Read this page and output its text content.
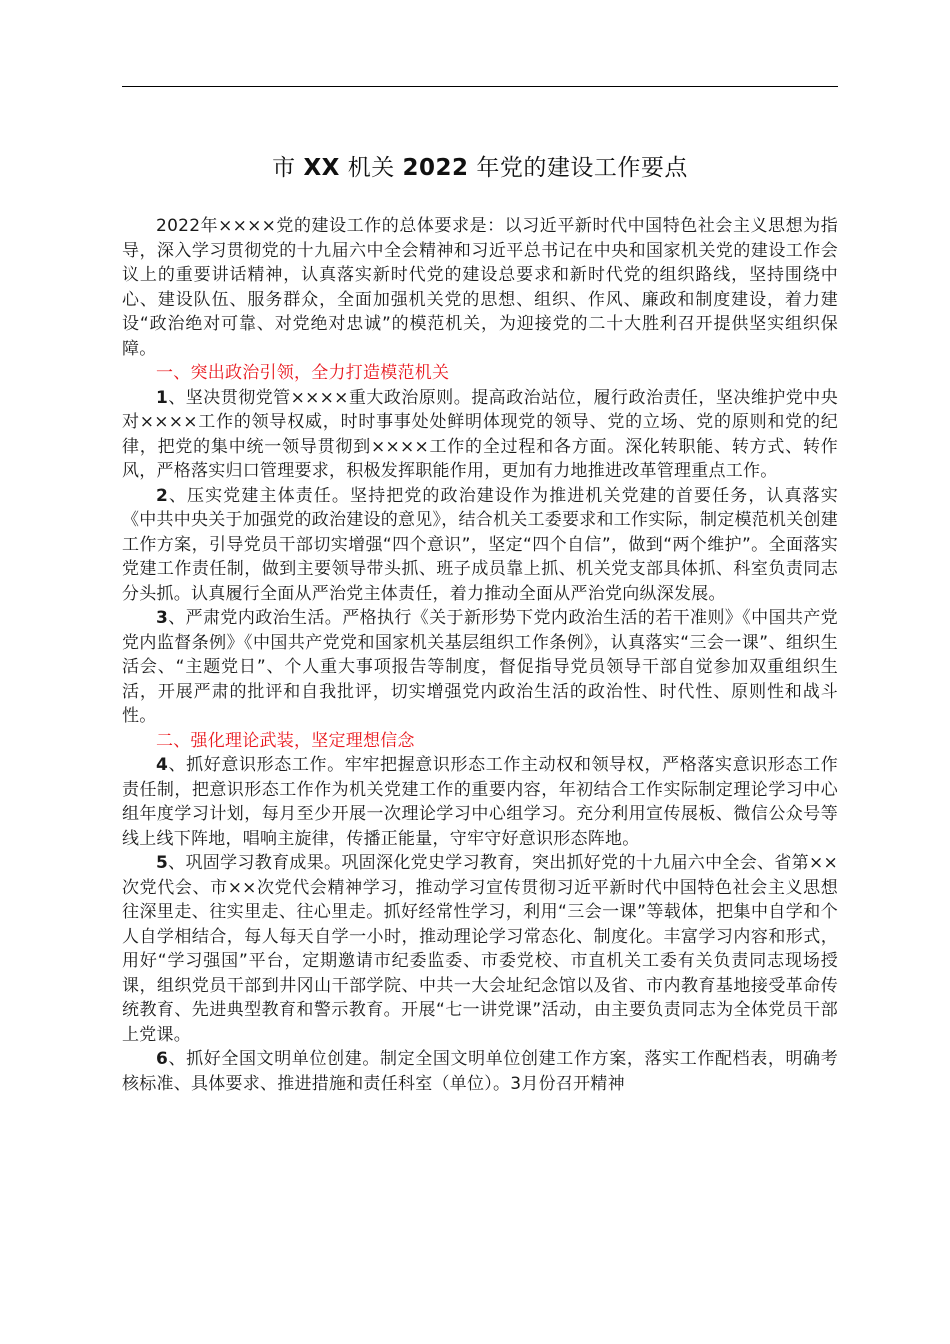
市 XX 机关 2022 年党的建设工作要点

2022年××××党的建设工作的总体要求是：以习近平新时代中国特色社会主义思想为指导，深入学习贯彻党的十九届六中全会精神和习近平总书记在中央和国家机关党的建设工作会议上的重要讲话精神，认真落实新时代党的建设总要求和新时代党的组织路线，坚持围绕中心、建设队伍、服务群众，全面加强机关党的思想、组织、作风、廉政和制度建设，着力建设“政治绝对可靠、对党绝对忠诚”的模范机关，为迎接党的二十大胜利召开提供坚实组织保障。

一、突出政治引领，全力打造模范机关

1、坚决贯彻党管××××重大政治原则。提高政治站位，履行政治责任，坚决维护党中央对××××工作的领导权威，时时事事处处鲜明体现党的领导、党的立场、党的原则和党的纪律，把党的集中统一领导贯彻到××××工作的全过程和各方面。深化转职能、转方式、转作风，严格落实归口管理要求，积极发挥职能作用，更加有力地推进改革管理重点工作。

2、压实党建主体责任。坚持把党的政治建设作为推进机关党建的首要任务，认真落实《中共中央关于加强党的政治建设的意见》，结合机关工委要求和工作实际，制定模范机关创建工作方案，引导党员干部切实增强“四个意识”，坚定“四个自信”，做到“两个维护”。全面落实党建工作责任制，做到主要领导带头抓、班子成员靠上抓、机关党支部具体抓、科室负责同志分头抓。认真履行全面从严治党主体责任，着力推动全面从严治党向纵深发展。

3、严肃党内政治生活。严格执行《关于新形势下党内政治生活的若干准则》《中国共产党党内监督条例》《中国共产党党和国家机关基层组织工作条例》，认真落实“三会一课”、组织生活会、“主题党日”、个人重大事项报告等制度，督促指导党员领导干部自觉参加双重组织生活，开展严肃的批评和自我批评，切实增强党内政治生活的政治性、时代性、原则性和战斗性。

二、强化理论武装，坚定理想信念

4、抓好意识形态工作。牢牢把握意识形态工作主动权和领导权，严格落实意识形态工作责任制，把意识形态工作作为机关党建工作的重要内容，年初结合工作实际制定理论学习中心组年度学习计划，每月至少开展一次理论学习中心组学习。充分利用宣传展板、微信公众号等线上线下阵地，唱响主旋律，传播正能量，守牢守好意识形态阵地。

5、巩固学习教育成果。巩固深化党史学习教育，突出抓好党的十九届六中全会、省第××次党代会、市××次党代会精神学习，推动学习宣传贯彻习近平新时代中国特色社会主义思想往深里走、往实里走、往心里走。抓好经常性学习，利用“三会一课”等载体，把集中自学和个人自学相结合，每人每天自学一小时，推动理论学习常态化、制度化。丰富学习内容和形式，用好“学习强国”平台，定期邀请市纪委监委、市委党校、市直机关工委有关负责同志现场授课，组织党员干部到井冈山干部学院、中共一大会址纪念馆以及省、市内教育基地接受革命传统教育、先进典型教育和警示教育。开展“七一讲党课”活动，由主要负责同志为全体党员干部上党课。

6、抓好全国文明单位创建。制定全国文明单位创建工作方案，落实工作配档表，明确考核标准、具体要求、推进措施和责任科室（单位）。3月份召开精神
